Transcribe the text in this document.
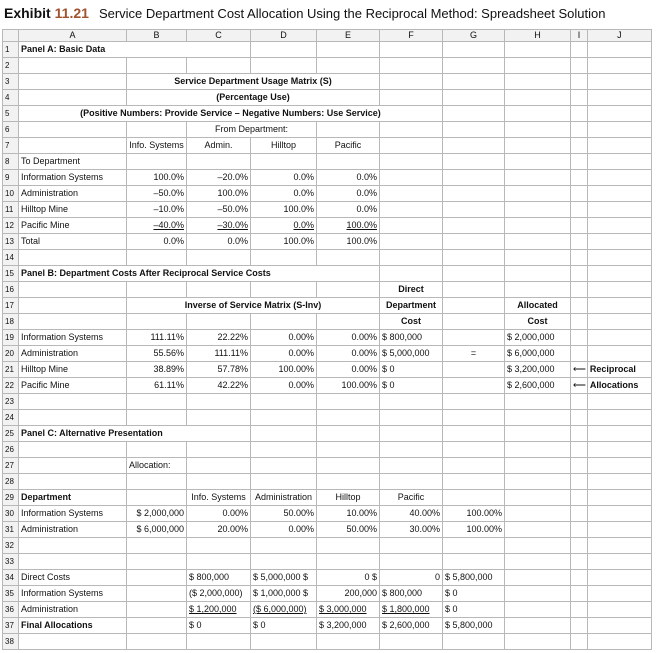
Exhibit 11.21 Service Department Cost Allocation Using the Reciprocal Method: Spreadsheet Solution
	A	B	C	D	E	F	G	H	I	J
1	Panel A: Basic Data									
2										
3		Service Department Usage Matrix (S)								
4		(Percentage Use)								
5	(Positive Numbers: Provide Service – Negative Numbers: Use Service)									
6			From Department:							
7		Info. Systems	Admin.	Hilltop	Pacific					
8	To Department									
9	Information Systems	100.0%	–20.0%	0.0%	0.0%					
10	Administration	–50.0%	100.0%	0.0%	0.0%					
11	Hilltop Mine	–10.0%	–50.0%	100.0%	0.0%					
12	Pacific Mine	–40.0%	–30.0%	0.0%	100.0%					
13	Total	0.0%	0.0%	100.0%	100.0%					
14										
15	Panel B: Department Costs After Reciprocal Service Costs									
16						Direct				
17		Inverse of Service Matrix (S-Inv)				Department		Allocated		
18						Cost		Cost		
19	Information Systems	111.11%	22.22%	0.00%	0.00%	$ 800,000		$ 2,000,000		
20	Administration	55.56%	111.11%	0.00%	0.00%	$ 5,000,000	=	$ 6,000,000		
21	Hilltop Mine	38.89%	57.78%	100.00%	0.00%	$ 0		$ 3,200,000	⟵	Reciprocal
22	Pacific Mine	61.11%	42.22%	0.00%	100.00%	$ 0		$ 2,600,000	⟵	Allocations
23										
24										
25	Panel C: Alternative Presentation									
26										
27		Allocation:								
28										
29	Department		Info. Systems	Administration	Hilltop	Pacific				
30	Information Systems	$ 2,000,000	0.00%	50.00%	10.00%	40.00%	100.00%			
31	Administration	$ 6,000,000	20.00%	0.00%	50.00%	30.00%	100.00%			
32										
33										
34	Direct Costs		$ 800,000	$ 5,000,000 $	0 $	0	$ 5,800,000			
35	Information Systems		($ 2,000,000)	$ 1,000,000 $	200,000	$ 800,000	$ 0			
36	Administration		$ 1,200,000	($ 6,000,000)	$ 3,000,000	$ 1,800,000	$ 0			
37	Final Allocations		$ 0	$ 0	$ 3,200,000	$ 2,600,000	$ 5,800,000			
38										
